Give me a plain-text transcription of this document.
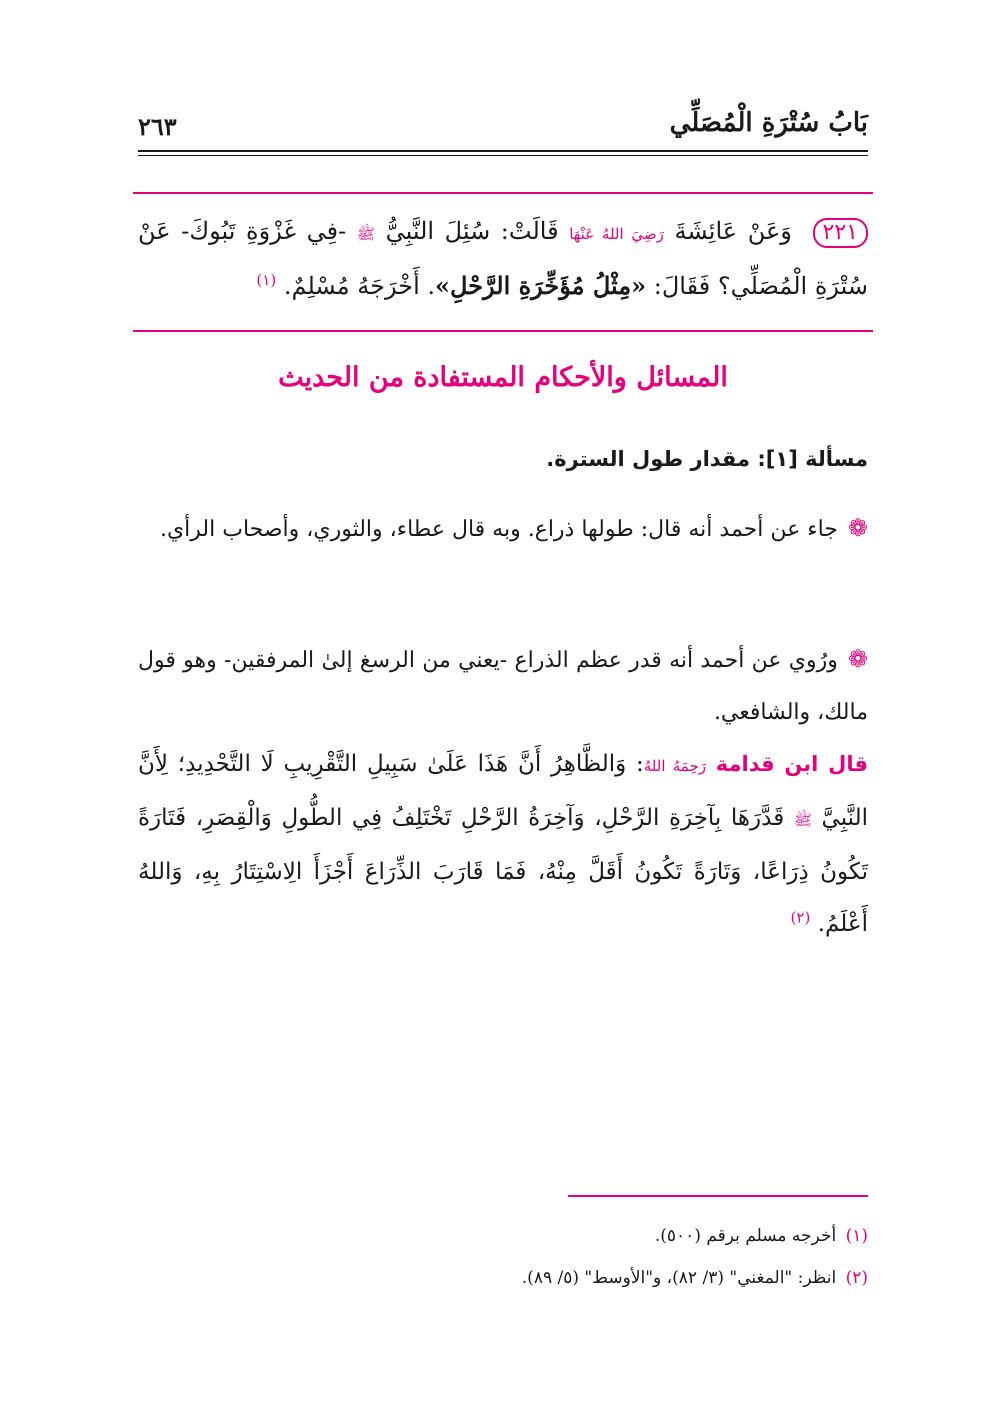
بَابُ سُتْرَةِ الْمُصَلِّي
٢٦٣
٢٢١ وَعَنْ عَائِشَةَ رَضِيَ اللهُ عَنْهَا قَالَتْ: سُئِلَ النَّبِيُّ ﷺ -فِي غَزْوَةِ تَبُوكَ- عَنْ سُتْرَةِ الْمُصَلِّي؟ فَقَالَ: «مِثْلُ مُؤَخِّرَةِ الرَّحْلِ». أَخْرَجَهُ مُسْلِمٌ. $^{(١)}$
المسائل والأحكام المستفادة من الحديث
مسألة [١]: مقدار طول السترة.
❁جاء عن أحمد أنه قال: طولها ذراع. وبه قال عطاء، والثوري، وأصحاب الرأي.
❁ورُوي عن أحمد أنه قدر عظم الذراع -يعني من الرسغ إلىٰ المرفقين- وهو قول مالك، والشافعي.
قال ابن قدامة رَحِمَهُ اللهُ: وَالظَّاهِرُ أَنَّ هَذَا عَلَىٰ سَبِيلِ التَّقْرِيبِ لَا التَّحْدِيدِ؛ لِأَنَّ النَّبِيَّ ﷺ قَدَّرَهَا بِآخِرَةِ الرَّحْلِ، وَآخِرَةُ الرَّحْلِ تَخْتَلِفُ فِي الطُّولِ وَالْقِصَرِ، فَتَارَةً تَكُونُ ذِرَاعًا، وَتَارَةً تَكُونُ أَقَلَّ مِنْهُ، فَمَا قَارَبَ الذِّرَاعَ أَجْزَأَ الِاسْتِتَارُ بِهِ، وَاللهُ أَعْلَمُ. $^{(٢)}$
(١) أخرجه مسلم برقم (٥٠٠).
(٢) انظر: "المغني" (٣/ ٨٢)، و"الأوسط" (٥/ ٨٩).
